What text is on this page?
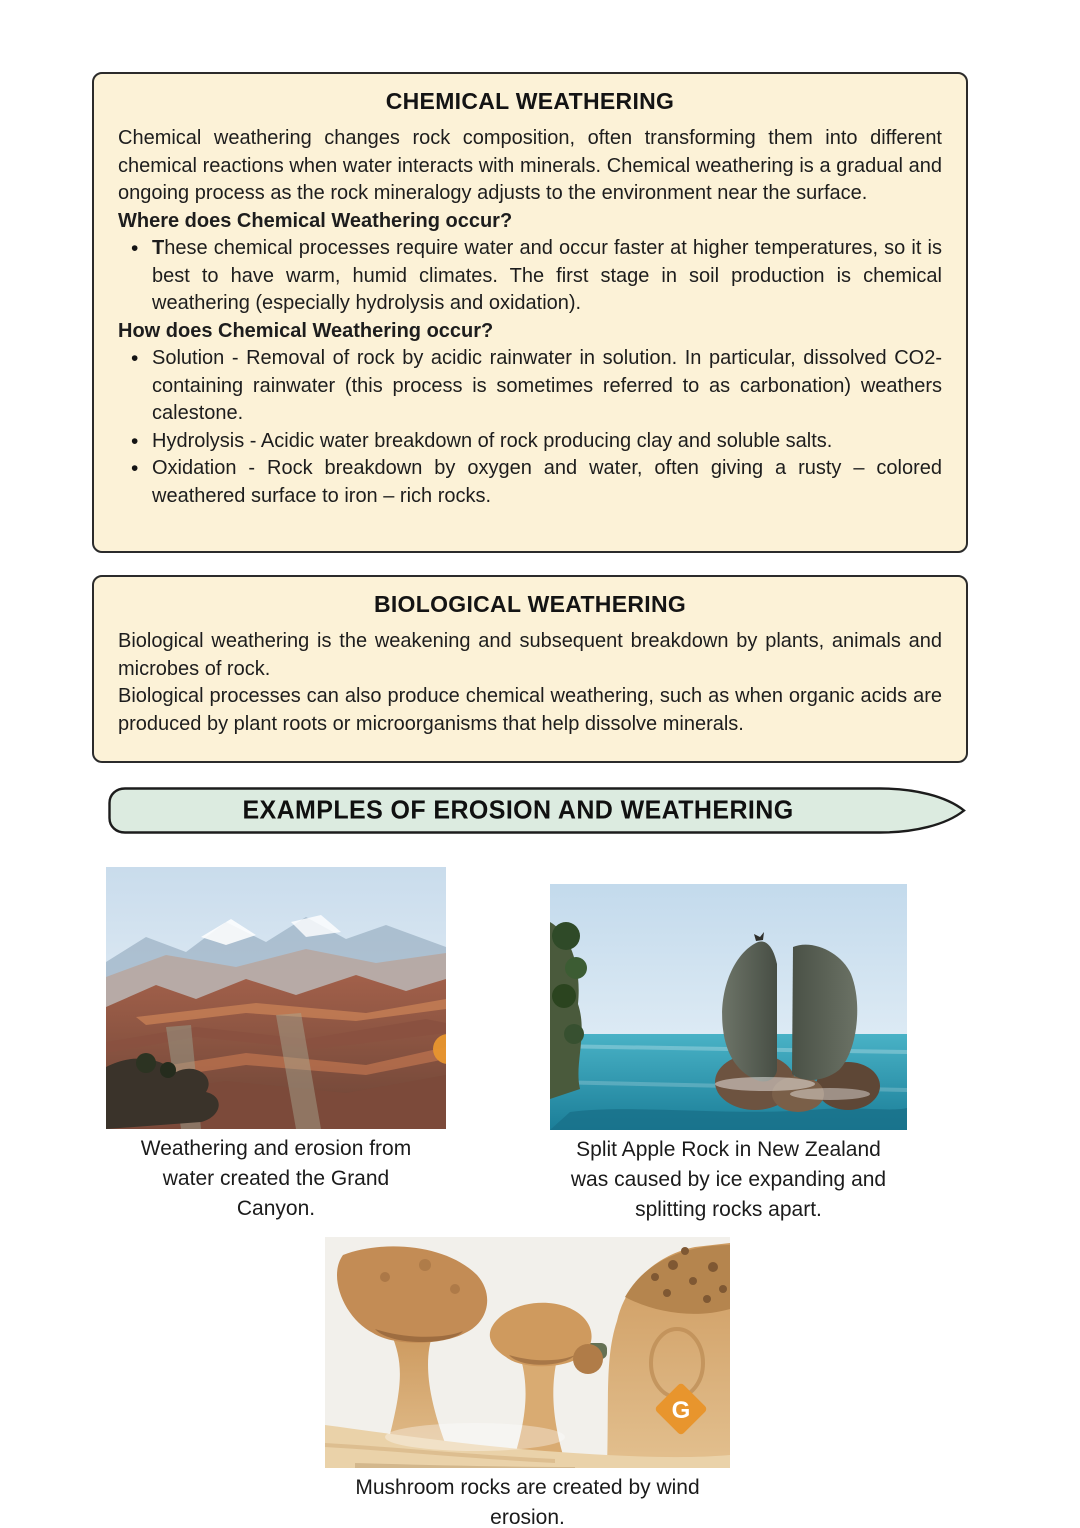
CHEMICAL WEATHERING

Chemical weathering changes rock composition, often transforming them into different chemical reactions when water interacts with minerals. Chemical weathering is a gradual and ongoing process as the rock mineralogy adjusts to the environment near the surface.

Where does Chemical Weathering occur?

• These chemical processes require water and occur faster at higher temperatures, so it is best to have warm, humid climates. The first stage in soil production is chemical weathering (especially hydrolysis and oxidation).

How does Chemical Weathering occur?

• Solution - Removal of rock by acidic rainwater in solution. In particular, dissolved CO2-containing rainwater (this process is sometimes referred to as carbonation) weathers calestone.
• Hydrolysis - Acidic water breakdown of rock producing clay and soluble salts.
• Oxidation - Rock breakdown by oxygen and water, often giving a rusty – colored weathered surface to iron – rich rocks.
BIOLOGICAL WEATHERING

Biological weathering is the weakening and subsequent breakdown by plants, animals and microbes of rock.

Biological processes can also produce chemical weathering, such as when organic acids are produced by plant roots or microorganisms that help dissolve minerals.

EXAMPLES OF EROSION AND WEATHERING
Weathering and erosion from
water created the Grand
Canyon.
Split Apple Rock in New Zealand
was caused by ice expanding and
splitting rocks apart.
G
Mushroom rocks are created by wind
erosion.
